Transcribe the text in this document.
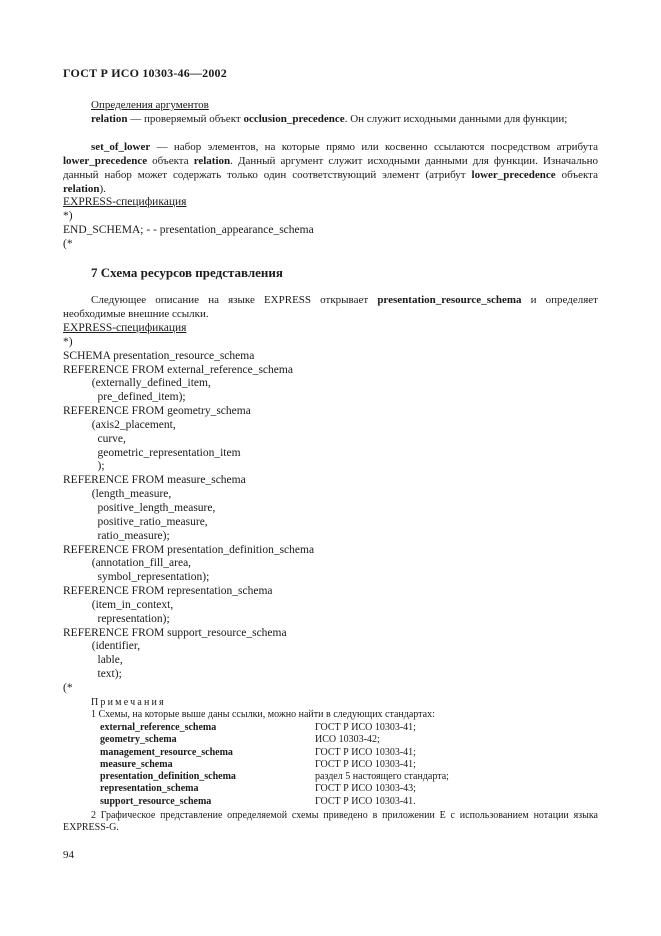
ГОСТ Р ИСО 10303-46—2002
Определения аргументов
relation — проверяемый объект occlusion_precedence. Он служит исходными данными для функции;
set_of_lower — набор элементов, на которые прямо или косвенно ссылаются посредством атрибута lower_precedence объекта relation. Данный аргумент служит исходными данными для функции. Изначально данный набор может содержать только один соответствующий элемент (атрибут lower_precedence объекта relation).
EXPRESS-спецификация
*)
END_SCHEMA; - - presentation_appearance_schema
(*
7 Схема ресурсов представления
Следующее описание на языке EXPRESS открывает presentation_resource_schema и определяет необходимые внешние ссылки.
EXPRESS-спецификация
*)
SCHEMA presentation_resource_schema
REFERENCE FROM external_reference_schema
(externally_defined_item,
pre_defined_item);
REFERENCE FROM geometry_schema
(axis2_placement,
curve,
geometric_representation_item
);
REFERENCE FROM measure_schema
(length_measure,
positive_length_measure,
positive_ratio_measure,
ratio_measure);
REFERENCE FROM presentation_definition_schema
(annotation_fill_area,
symbol_representation);
REFERENCE FROM representation_schema
(item_in_context,
representation);
REFERENCE FROM support_resource_schema
(identifier,
lable,
text);
(*
Примечания
1 Схемы, на которые выше даны ссылки, можно найти в следующих стандартах:
external_reference_schema	ГОСТ Р ИСО 10303-41;
geometry_schema	ИСО 10303-42;
management_resource_schema	ГОСТ Р ИСО 10303-41;
measure_schema	ГОСТ Р ИСО 10303-41;
presentation_definition_schema	раздел 5 настоящего стандарта;
representation_schema	ГОСТ Р ИСО 10303-43;
support_resource_schema	ГОСТ Р ИСО 10303-41.
2 Графическое представление определяемой схемы приведено в приложении Е с использованием нотации языка EXPRESS-G.
94
